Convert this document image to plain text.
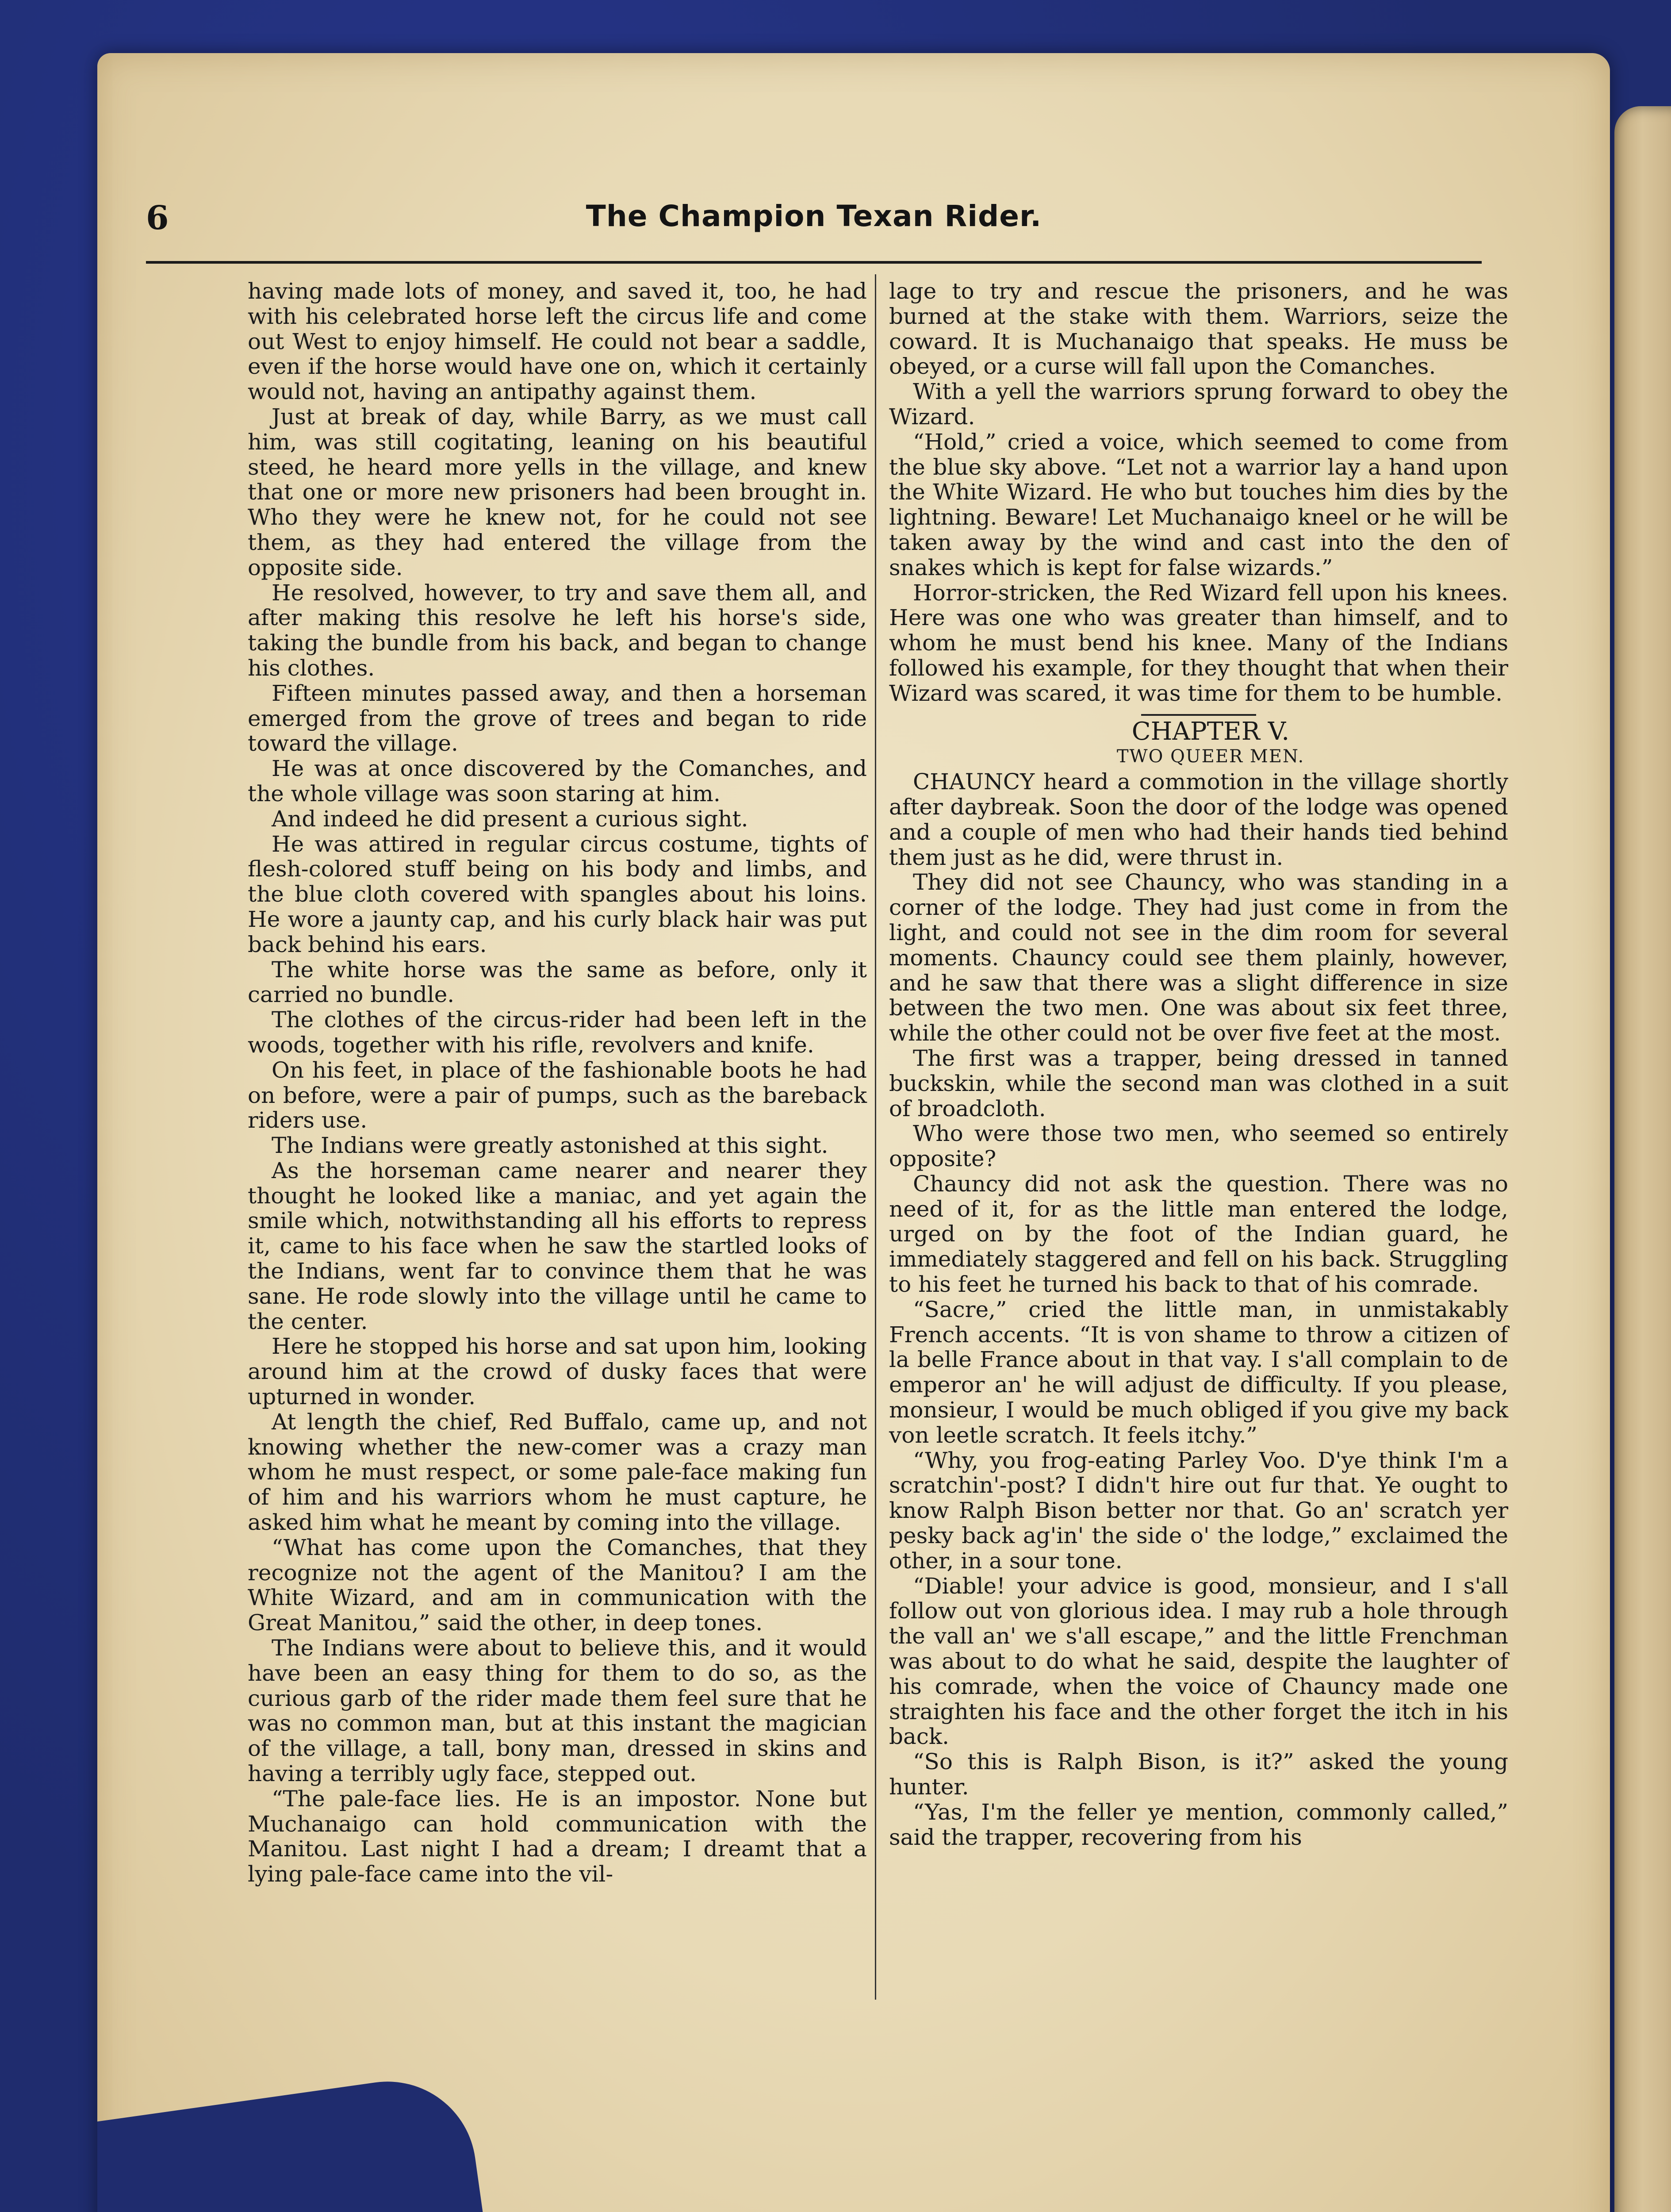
6	The Champion Texan Rider.

having made lots of money, and saved it, too, he had with his celebrated horse left the circus life and come out West to enjoy himself. He could not bear a saddle, even if the horse would have one on, which it certainly would not, having an antipathy against them.

Just at break of day, while Barry, as we must call him, was still cogitating, leaning on his beautiful steed, he heard more yells in the village, and knew that one or more new prisoners had been brought in. Who they were he knew not, for he could not see them, as they had entered the village from the opposite side.

He resolved, however, to try and save them all, and after making this resolve he left his horse's side, taking the bundle from his back, and began to change his clothes.

Fifteen minutes passed away, and then a horseman emerged from the grove of trees and began to ride toward the village.

He was at once discovered by the Comanches, and the whole village was soon staring at him.

And indeed he did present a curious sight.

He was attired in regular circus costume, tights of flesh-colored stuff being on his body and limbs, and the blue cloth covered with spangles about his loins. He wore a jaunty cap, and his curly black hair was put back behind his ears.

The white horse was the same as before, only it carried no bundle.

The clothes of the circus-rider had been left in the woods, together with his rifle, revolvers and knife.

On his feet, in place of the fashionable boots he had on before, were a pair of pumps, such as the bareback riders use.

The Indians were greatly astonished at this sight.

As the horseman came nearer and nearer they thought he looked like a maniac, and yet again the smile which, notwithstanding all his efforts to repress it, came to his face when he saw the startled looks of the Indians, went far to convince them that he was sane. He rode slowly into the village until he came to the center.

Here he stopped his horse and sat upon him, looking around him at the crowd of dusky faces that were upturned in wonder.

At length the chief, Red Buffalo, came up, and not knowing whether the new-comer was a crazy man whom he must respect, or some pale-face making fun of him and his warriors whom he must capture, he asked him what he meant by coming into the village.

“What has come upon the Comanches, that they recognize not the agent of the Manitou? I am the White Wizard, and am in communication with the Great Manitou,” said the other, in deep tones.

The Indians were about to believe this, and it would have been an easy thing for them to do so, as the curious garb of the rider made them feel sure that he was no common man, but at this instant the magician of the village, a tall, bony man, dressed in skins and having a terribly ugly face, stepped out.

“The pale-face lies. He is an impostor. None but Muchanaigo can hold communication with the Manitou. Last night I had a dream; I dreamt that a lying pale-face came into the vil-

lage to try and rescue the prisoners, and he was burned at the stake with them. Warriors, seize the coward. It is Muchanaigo that speaks. He muss be obeyed, or a curse will fall upon the Comanches.

With a yell the warriors sprung forward to obey the Wizard.

“Hold,” cried a voice, which seemed to come from the blue sky above. “Let not a warrior lay a hand upon the White Wizard. He who but touches him dies by the lightning. Beware! Let Muchanaigo kneel or he will be taken away by the wind and cast into the den of snakes which is kept for false wizards.”

Horror-stricken, the Red Wizard fell upon his knees. Here was one who was greater than himself, and to whom he must bend his knee. Many of the Indians followed his example, for they thought that when their Wizard was scared, it was time for them to be humble.

CHAPTER V.

TWO QUEER MEN.

CHAUNCY heard a commotion in the village shortly after daybreak. Soon the door of the lodge was opened and a couple of men who had their hands tied behind them just as he did, were thrust in.

They did not see Chauncy, who was standing in a corner of the lodge. They had just come in from the light, and could not see in the dim room for several moments. Chauncy could see them plainly, however, and he saw that there was a slight difference in size between the two men. One was about six feet three, while the other could not be over five feet at the most.

The first was a trapper, being dressed in tanned buckskin, while the second man was clothed in a suit of broadcloth.

Who were those two men, who seemed so entirely opposite?

Chauncy did not ask the question. There was no need of it, for as the little man entered the lodge, urged on by the foot of the Indian guard, he immediately staggered and fell on his back. Struggling to his feet he turned his back to that of his comrade.

“Sacre,” cried the little man, in unmistakably French accents. “It is von shame to throw a citizen of la belle France about in that vay. I s'all complain to de emperor an' he will adjust de difficulty. If you please, monsieur, I would be much obliged if you give my back von leetle scratch. It feels itchy.”

“Why, you frog-eating Parley Voo. D'ye think I'm a scratchin'-post? I didn't hire out fur that. Ye ought to know Ralph Bison better nor that. Go an' scratch yer pesky back ag'in' the side o' the lodge,” exclaimed the other, in a sour tone.

“Diable! your advice is good, monsieur, and I s'all follow out von glorious idea. I may rub a hole through the vall an' we s'all escape,” and the little Frenchman was about to do what he said, despite the laughter of his comrade, when the voice of Chauncy made one straighten his face and the other forget the itch in his back.

“So this is Ralph Bison, is it?” asked the young hunter.

“Yas, I'm the feller ye mention, commonly called,” said the trapper, recovering from his
